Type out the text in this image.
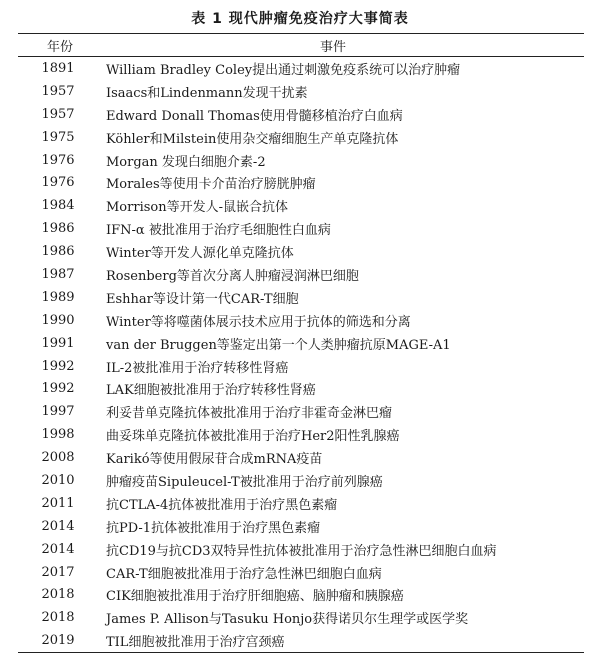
表 1 现代肿瘤免疫治疗大事简表
年份	事件
1891	William Bradley Coley提出通过刺激免疫系统可以治疗肿瘤
1957	Isaacs和Lindenmann发现干扰素
1957	Edward Donall Thomas使用骨髓移植治疗白血病
1975	Köhler和Milstein使用杂交瘤细胞生产单克隆抗体
1976	Morgan 发现白细胞介素-2
1976	Morales等使用卡介苗治疗膀胱肿瘤
1984	Morrison等开发人-鼠嵌合抗体
1986	IFN-α 被批准用于治疗毛细胞性白血病
1986	Winter等开发人源化单克隆抗体
1987	Rosenberg等首次分离人肿瘤浸润淋巴细胞
1989	Eshhar等设计第一代CAR-T细胞
1990	Winter等将噬菌体展示技术应用于抗体的筛选和分离
1991	van der Bruggen等鉴定出第一个人类肿瘤抗原MAGE-A1
1992	IL-2被批准用于治疗转移性肾癌
1992	LAK细胞被批准用于治疗转移性肾癌
1997	利妥昔单克隆抗体被批准用于治疗非霍奇金淋巴瘤
1998	曲妥珠单克隆抗体被批准用于治疗Her2阳性乳腺癌
2008	Karikó等使用假尿苷合成mRNA疫苗
2010	肿瘤疫苗Sipuleucel-T被批准用于治疗前列腺癌
2011	抗CTLA-4抗体被批准用于治疗黑色素瘤
2014	抗PD-1抗体被批准用于治疗黑色素瘤
2014	抗CD19与抗CD3双特异性抗体被批准用于治疗急性淋巴细胞白血病
2017	CAR-T细胞被批准用于治疗急性淋巴细胞白血病
2018	CIK细胞被批准用于治疗肝细胞癌、脑肿瘤和胰腺癌
2018	James P. Allison与Tasuku Honjo获得诺贝尔生理学或医学奖
2019	TIL细胞被批准用于治疗宫颈癌
